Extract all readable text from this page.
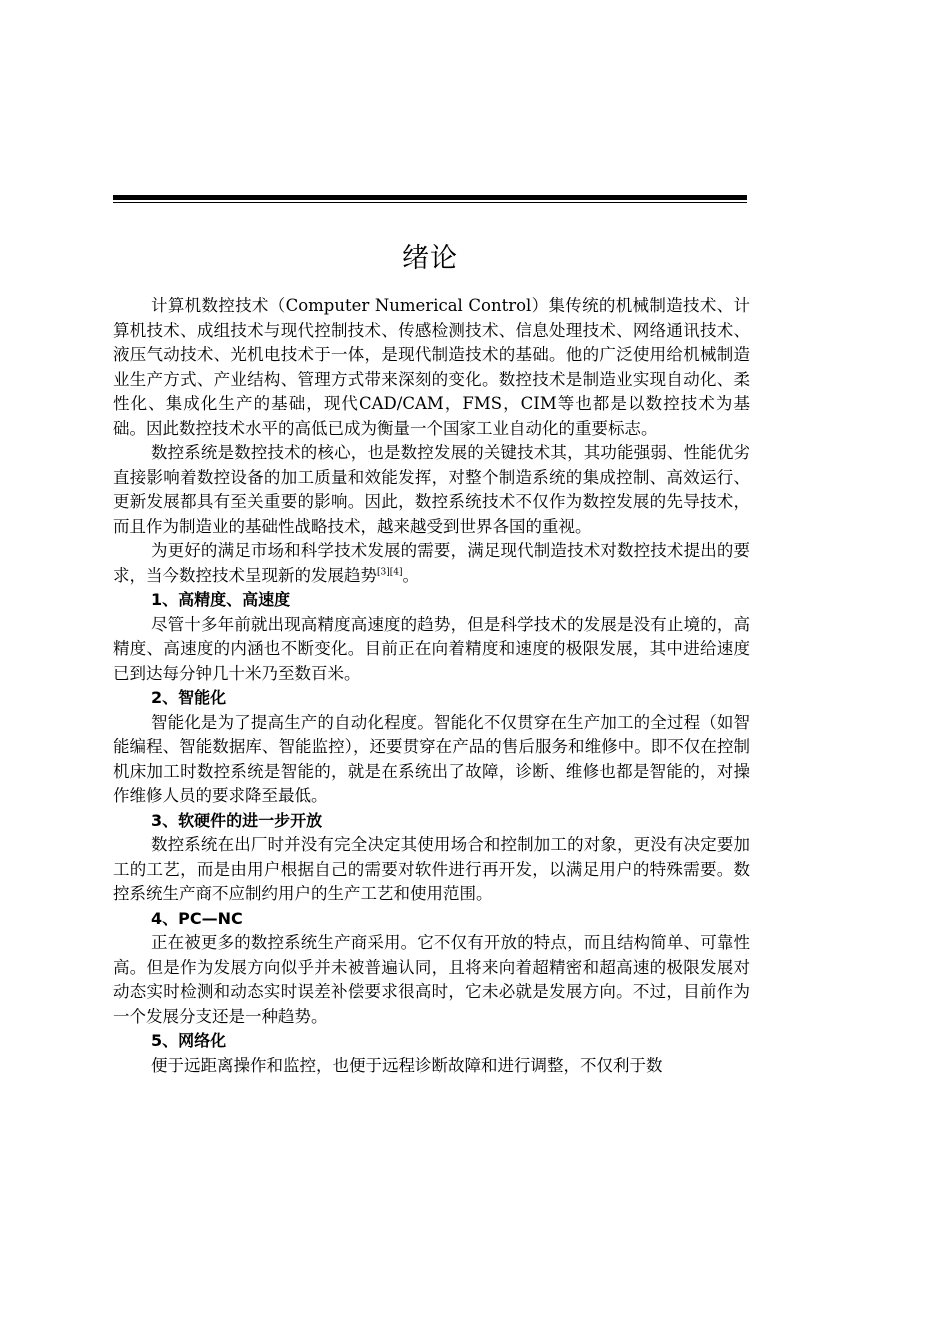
绪论

计算机数控技术（Computer Numerical Control）集传统的机械制造技术、计算机技术、成组技术与现代控制技术、传感检测技术、信息处理技术、网络通讯技术、液压气动技术、光机电技术于一体，是现代制造技术的基础。他的广泛使用给机械制造业生产方式、产业结构、管理方式带来深刻的变化。数控技术是制造业实现自动化、柔性化、集成化生产的基础，现代CAD/CAM，FMS，CIM等也都是以数控技术为基础。因此数控技术水平的高低已成为衡量一个国家工业自动化的重要标志。

数控系统是数控技术的核心，也是数控发展的关键技术其，其功能强弱、性能优劣直接影响着数控设备的加工质量和效能发挥，对整个制造系统的集成控制、高效运行、更新发展都具有至关重要的影响。因此，数控系统技术不仅作为数控发展的先导技术，而且作为制造业的基础性战略技术，越来越受到世界各国的重视。

为更好的满足市场和科学技术发展的需要，满足现代制造技术对数控技术提出的要求，当今数控技术呈现新的发展趋势[3][4]。

1、高精度、高速度

尽管十多年前就出现高精度高速度的趋势，但是科学技术的发展是没有止境的，高精度、高速度的内涵也不断变化。目前正在向着精度和速度的极限发展，其中进给速度已到达每分钟几十米乃至数百米。

2、智能化

智能化是为了提高生产的自动化程度。智能化不仅贯穿在生产加工的全过程（如智能编程、智能数据库、智能监控），还要贯穿在产品的售后服务和维修中。即不仅在控制机床加工时数控系统是智能的，就是在系统出了故障，诊断、维修也都是智能的，对操作维修人员的要求降至最低。

3、软硬件的进一步开放

数控系统在出厂时并没有完全决定其使用场合和控制加工的对象，更没有决定要加工的工艺，而是由用户根据自己的需要对软件进行再开发，以满足用户的特殊需要。数控系统生产商不应制约用户的生产工艺和使用范围。

4、PC—NC

正在被更多的数控系统生产商采用。它不仅有开放的特点，而且结构简单、可靠性高。但是作为发展方向似乎并未被普遍认同，且将来向着超精密和超高速的极限发展对动态实时检测和动态实时误差补偿要求很高时，它未必就是发展方向。不过，目前作为一个发展分支还是一种趋势。

5、网络化

便于远距离操作和监控，也便于远程诊断故障和进行调整，不仅利于数
